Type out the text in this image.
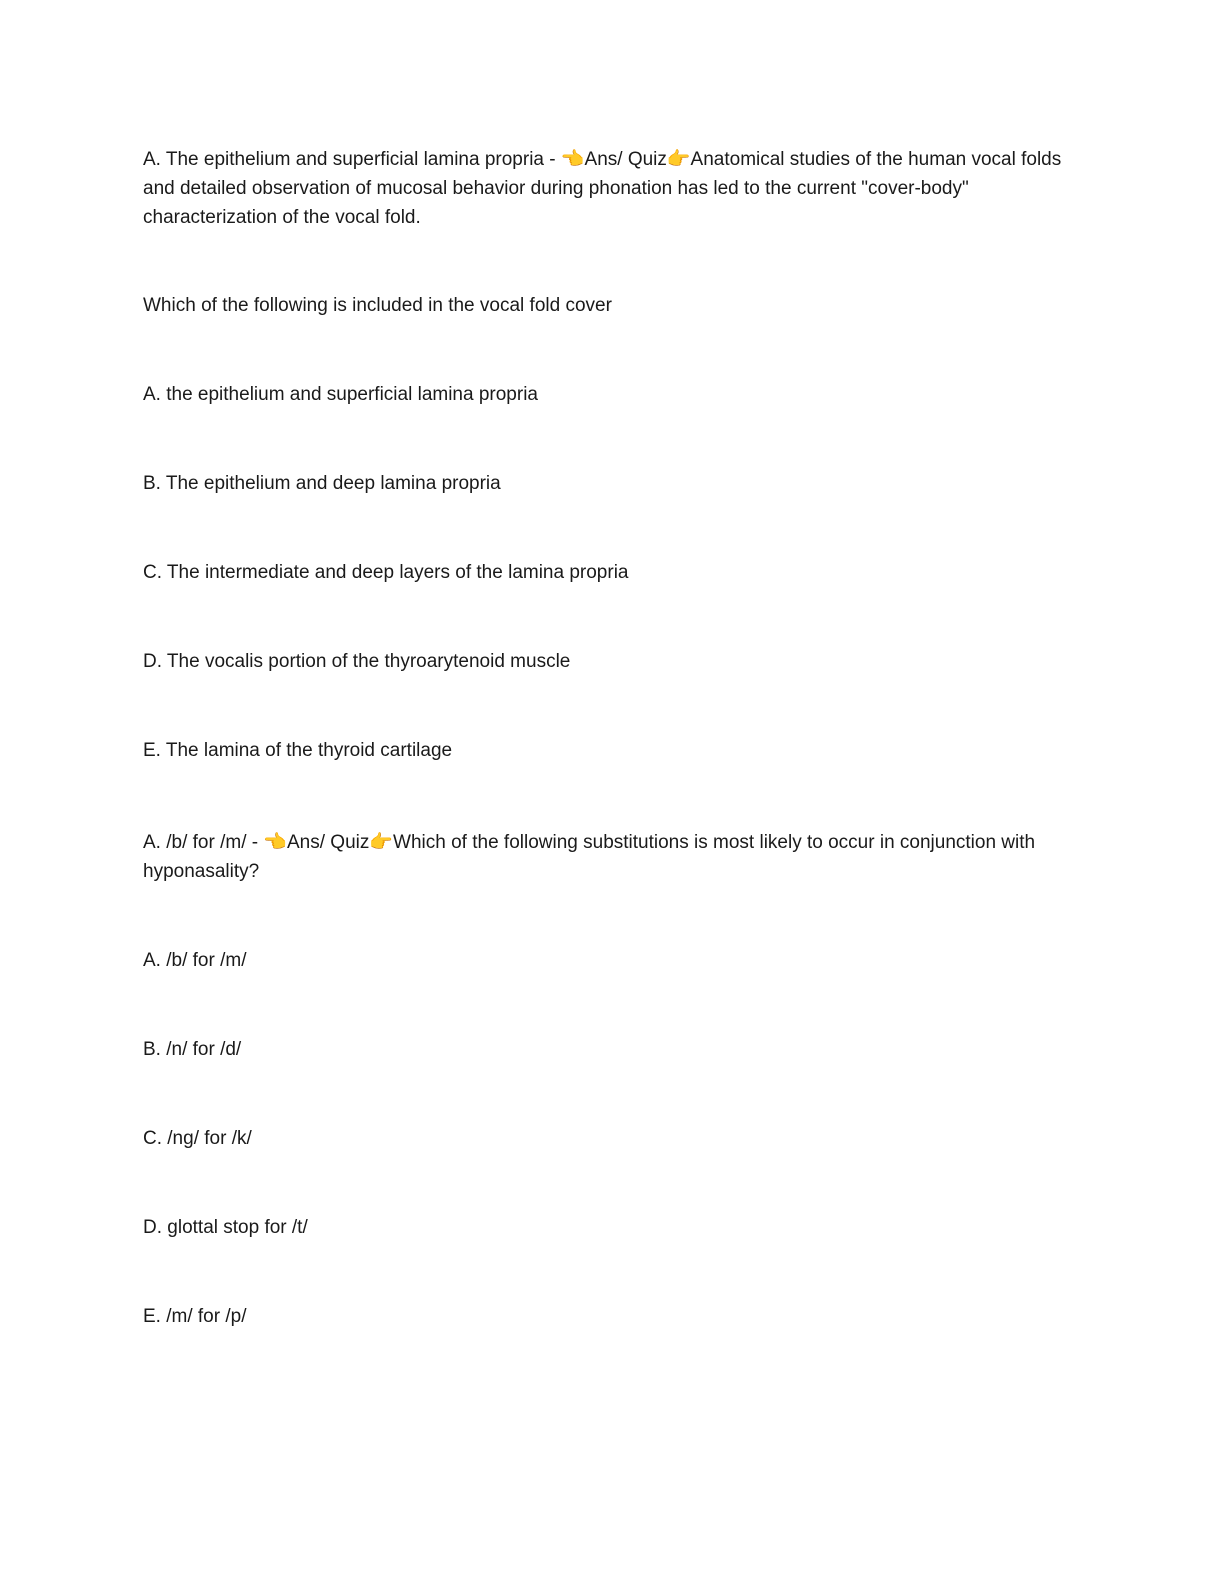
A. The epithelium and superficial lamina propria - 👈Ans/ Quiz👉Anatomical studies of the human vocal folds and detailed observation of mucosal behavior during phonation has led to the current "cover-body" characterization of the vocal fold.

Which of the following is included in the vocal fold cover

A. the epithelium and superficial lamina propria

B. The epithelium and deep lamina propria

C. The intermediate and deep layers of the lamina propria

D. The vocalis portion of the thyroarytenoid muscle

E. The lamina of the thyroid cartilage

A. /b/ for /m/ - 👈Ans/ Quiz👉Which of the following substitutions is most likely to occur in conjunction with hyponasality?

A. /b/ for /m/

B. /n/ for /d/

C. /ng/ for /k/

D. glottal stop for /t/

E. /m/ for /p/
